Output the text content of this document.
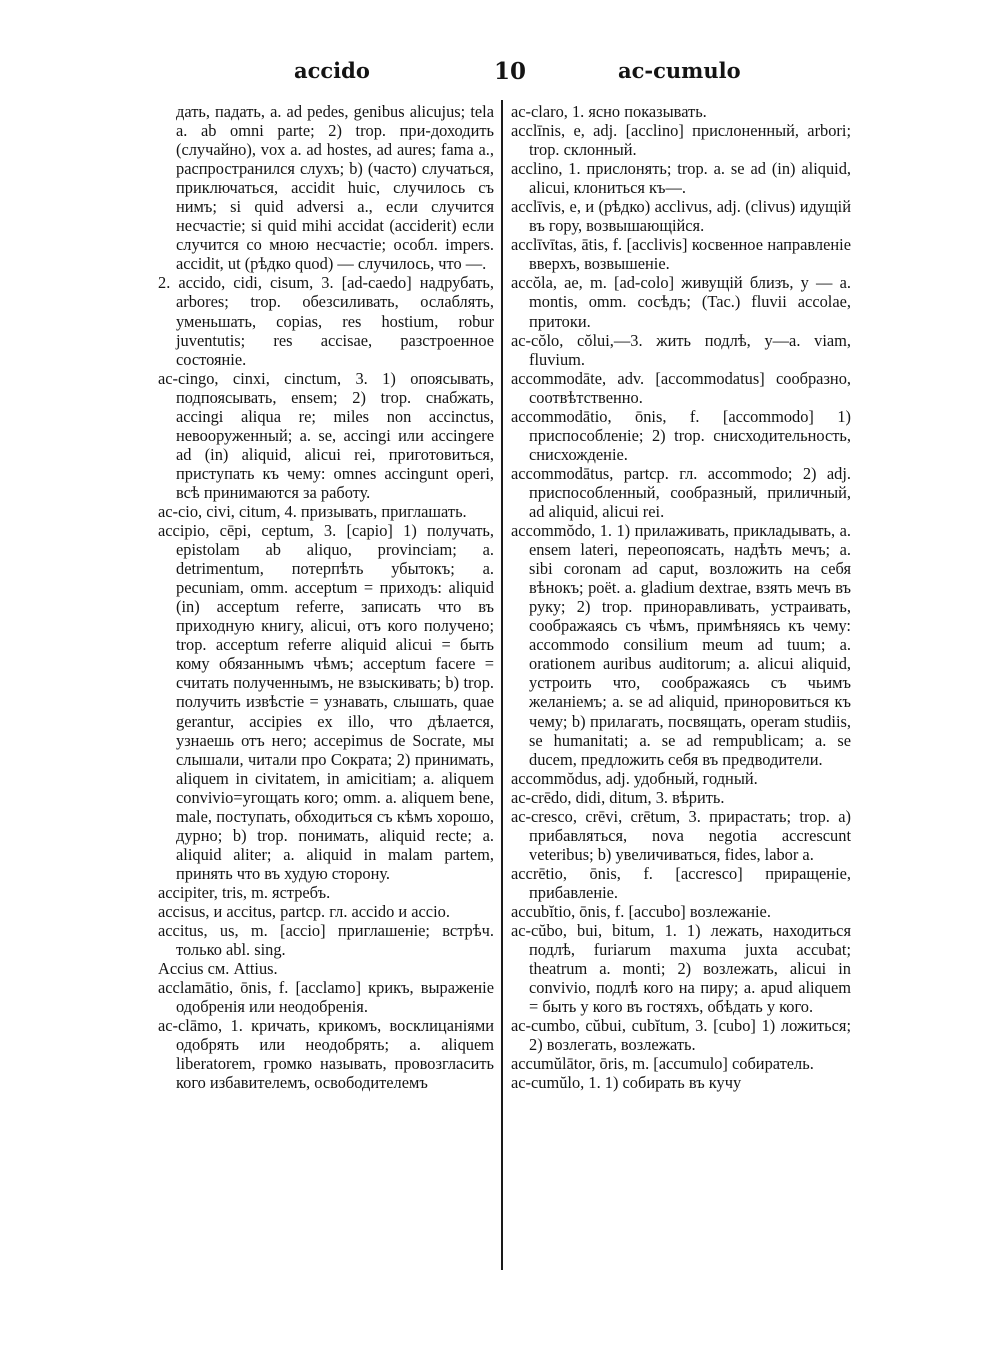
accido	10	ac-cumulo

дать, падать, a. ad pedes, genibus alicujus; tela a. ab omni parte; 2) trop. при-доходить (случайно), vox a. ad hostes, ad aures; fama a., распространился слухъ; b) (часто) случаться, приключаться, accidit huic, случилось съ нимъ; si quid adversi a., если случится несчастіе; si quid mihi accidat (acciderit) если случится со мною несчастіе; особл. impers. accidit, ut (рѣдко quod) — случилось, что —.

2. accido, cidi, cisum, 3. [ad-caedo] надрубать, arbores; trop. обезсиливать, ослаблять, уменьшать, copias, res hostium, robur juventutis; res accisae, разстроенное состояніе.

ac-cingo, cinxi, cinctum, 3. 1) опоясывать, подпоясывать, ensem; 2) trop. снабжать, accingi aliqua re; miles non accinctus, невооруженный; a. se, accingi или accingere ad (in) aliquid, alicui rei, приготовиться, приступать къ чему: omnes accingunt operi, всѣ принимаются за работу.

ac-cio, civi, citum, 4. призывать, приглашать.

accipio, cēpi, ceptum, 3. [capio] 1) получать, epistolam ab aliquo, provinciam; a. detrimentum, потерпѣть убытокъ; a. pecuniam, omm. acceptum = приходъ: aliquid (in) acceptum referre, записать что въ приходную книгу, alicui, отъ кого получено; trop. acceptum referre aliquid alicui = быть кому обязаннымъ чѣмъ; acceptum facere = считать полученнымъ, не взыскивать; b) trop. получить извѣстіе = узнавать, слышать, quae gerantur, accipies ex illo, что дѣлается, узнаешь отъ него; accepimus de Socrate, мы слышали, читали про Сократа; 2) принимать, aliquem in civitatem, in amicitiam; a. aliquem convivio=угощать кого; omm. a. aliquem bene, male, поступать, обходиться съ кѣмъ хорошо, дурно; b) trop. понимать, aliquid recte; a. aliquid aliter; a. aliquid in malam partem, принять что въ худую сторону.

accipiter, tris, m. ястребъ.

accisus, и accitus, partcp. гл. accido и accio.

accitus, us, m. [accio] приглашеніе; встрѣч. только abl. sing.

Accius см. Attius.

acclamātio, ōnis, f. [acclamo] крикъ, выраженіе одобренія или неодобренія.

ac-clāmo, 1. кричать, крикомъ, восклицаніями одобрять или неодобрять; a. aliquem liberatorem, громко называть, провозгласить кого избавителемъ, освободителемъ

ac-claro, 1. ясно показывать.

acclīnis, e, adj. [acclino] прислоненный, arbori; trop. склонный.

acclino, 1. прислонять; trop. a. se ad (in) aliquid, alicui, клониться къ—.

acclīvis, e, и (рѣдко) acclivus, adj. (clivus) идущій въ гору, возвышающійся.

acclīvītas, ātis, f. [acclivis] косвенное направленіе вверхъ, возвышеніе.

accŏla, ae, m. [ad-colo] живущій близъ, у — a. montis, omm. сосѣдъ; (Tac.) fluvii accolae, притоки.

ac-cŏlo, cŏlui,—3. жить подлѣ, у—a. viam, fluvium.

accommodāte, adv. [accommodatus] сообразно, соотвѣтственно.

accommodātio, ōnis, f. [accommodo] 1) приспособленіе; 2) trop. снисходительность, снисхожденіе.

accommodātus, partcp. гл. accommodo; 2) adj. приспособленный, сообразный, приличный, ad aliquid, alicui rei.

accommŏdo, 1. 1) прилаживать, прикладывать, a. ensem lateri, переопоясать, надѣть мечъ; a. sibi coronam ad caput, возложить на себя вѣнокъ; poët. a. gladium dextrae, взять мечъ въ руку; 2) trop. приноравливать, устраивать, соображаясь съ чѣмъ, примѣняясь къ чему: accommodo consilium meum ad tuum; a. orationem auribus auditorum; a. alicui aliquid, устроить что, соображаясь съ чьимъ желаніемъ; a. se ad aliquid, приноровиться къ чему; b) прилагать, посвящать, operam studiis, se humanitati; a. se ad rempublicam; a. se ducem, предложить себя въ предводители.

accommŏdus, adj. удобный, годный.

ac-crēdo, didi, ditum, 3. вѣрить.

ac-cresco, crēvi, crētum, 3. прирастать; trop. a) прибавляться, nova negotia accrescunt veteribus; b) увеличиваться, fides, labor a.

accrētio, ōnis, f. [accresco] приращеніе, прибавленіе.

accubĭtio, ōnis, f. [accubo] возлежаніе.

ac-cŭbo, bui, bitum, 1. 1) лежать, находиться подлѣ, furiarum maxuma juxta accubat; theatrum a. monti; 2) возлежать, alicui in convivio, подлѣ кого на пиру; a. apud aliquem = быть у кого въ гостяхъ, обѣдать у кого.

ac-cumbo, cŭbui, cubĭtum, 3. [cubo] 1) ложиться; 2) возлегать, возлежать.

accumŭlātor, ōris, m. [accumulo] собиратель.

ac-cumŭlo, 1. 1) собирать въ кучу
